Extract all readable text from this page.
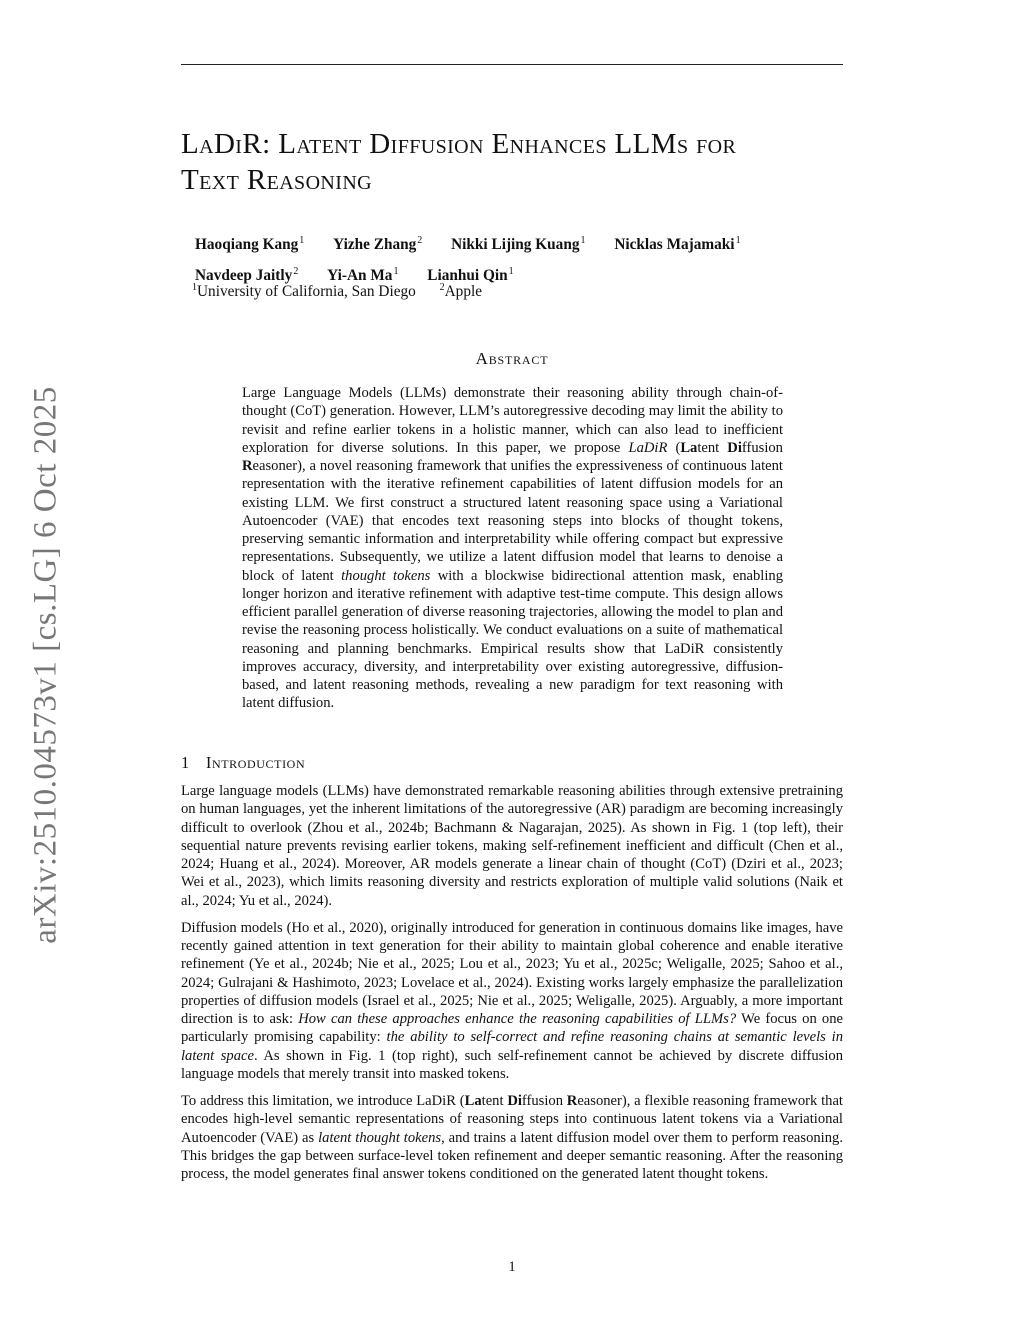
arXiv:2510.04573v1 [cs.LG] 6 Oct 2025
LaDiR: Latent Diffusion Enhances LLMs for
Text Reasoning
Haoqiang Kang$^1$ Yizhe Zhang$^2$ Nikki Lijing Kuang$^1$ Nicklas Majamaki$^1$
Navdeep Jaitly$^2$ Yi-An Ma$^1$ Lianhui Qin$^1$
$^1$University of California, San Diego $^2$Apple
Abstract
Large Language Models (LLMs) demonstrate their reasoning ability through chain-of-thought (CoT) generation. However, LLM’s autoregressive decoding may limit the ability to revisit and refine earlier tokens in a holistic manner, which can also lead to inefficient exploration for diverse solutions. In this paper, we propose LaDiR (Latent Diffusion Reasoner), a novel reasoning framework that unifies the expressiveness of continuous latent representation with the iterative refinement capabilities of latent diffusion models for an existing LLM. We first construct a structured latent reasoning space using a Variational Autoencoder (VAE) that encodes text reasoning steps into blocks of thought tokens, preserving semantic information and interpretability while offering compact but expressive representations. Subsequently, we utilize a latent diffusion model that learns to denoise a block of latent thought tokens with a blockwise bidirectional attention mask, enabling longer horizon and iterative refinement with adaptive test-time compute. This design allows efficient parallel generation of diverse reasoning trajectories, allowing the model to plan and revise the reasoning process holistically. We conduct evaluations on a suite of mathematical reasoning and planning benchmarks. Empirical results show that LaDiR consistently improves accuracy, diversity, and interpretability over existing autoregressive, diffusion-based, and latent reasoning methods, revealing a new paradigm for text reasoning with latent diffusion.
1 Introduction

Large language models (LLMs) have demonstrated remarkable reasoning abilities through extensive pretraining on human languages, yet the inherent limitations of the autoregressive (AR) paradigm are becoming increasingly difficult to overlook (Zhou et al., 2024b; Bachmann & Nagarajan, 2025). As shown in Fig. 1 (top left), their sequential nature prevents revising earlier tokens, making self-refinement inefficient and difficult (Chen et al., 2024; Huang et al., 2024). Moreover, AR models generate a linear chain of thought (CoT) (Dziri et al., 2023; Wei et al., 2023), which limits reasoning diversity and restricts exploration of multiple valid solutions (Naik et al., 2024; Yu et al., 2024).

Diffusion models (Ho et al., 2020), originally introduced for generation in continuous domains like images, have recently gained attention in text generation for their ability to maintain global coherence and enable iterative refinement (Ye et al., 2024b; Nie et al., 2025; Lou et al., 2023; Yu et al., 2025c; Weligalle, 2025; Sahoo et al., 2024; Gulrajani & Hashimoto, 2023; Lovelace et al., 2024). Existing works largely emphasize the parallelization properties of diffusion models (Israel et al., 2025; Nie et al., 2025; Weligalle, 2025). Arguably, a more important direction is to ask: How can these approaches enhance the reasoning capabilities of LLMs? We focus on one particularly promising capability: the ability to self-correct and refine reasoning chains at semantic levels in latent space. As shown in Fig. 1 (top right), such self-refinement cannot be achieved by discrete diffusion language models that merely transit into masked tokens.

To address this limitation, we introduce LaDiR (Latent Diffusion Reasoner), a flexible reasoning framework that encodes high-level semantic representations of reasoning steps into continuous latent tokens via a Variational Autoencoder (VAE) as latent thought tokens, and trains a latent diffusion model over them to perform reasoning. This bridges the gap between surface-level token refinement and deeper semantic reasoning. After the reasoning process, the model generates final answer tokens conditioned on the generated latent thought tokens.

1
